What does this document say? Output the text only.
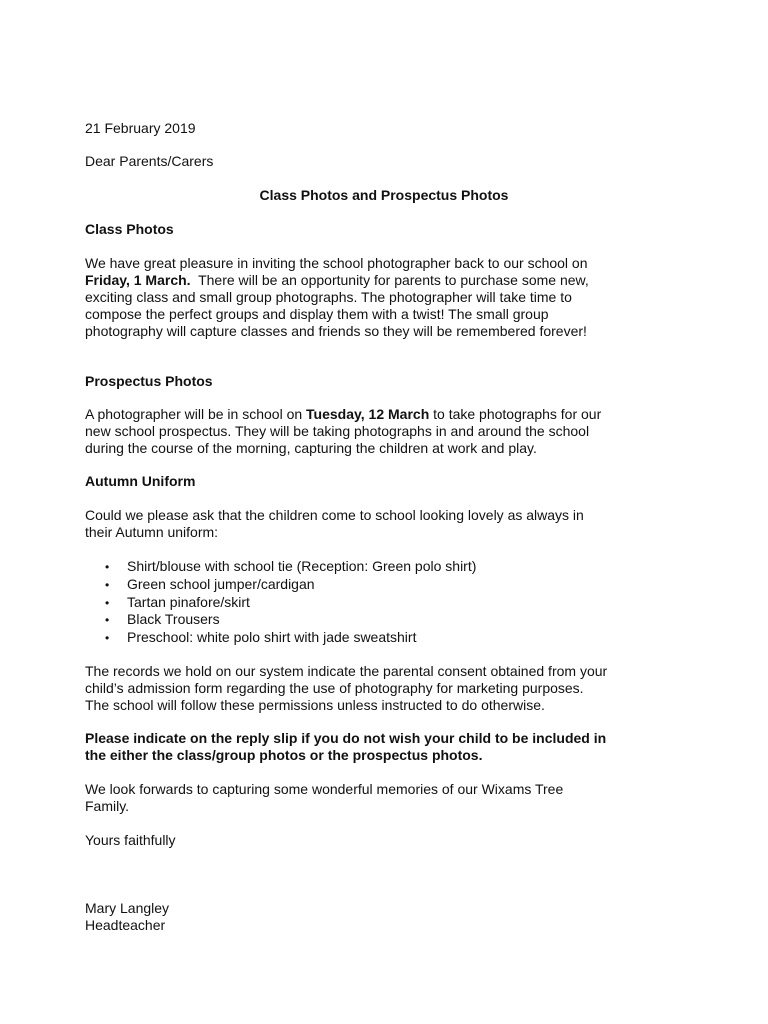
21 February 2019
Dear Parents/Carers
Class Photos and Prospectus Photos
Class Photos
We have great pleasure in inviting the school photographer back to our school on
Friday, 1 March.  There will be an opportunity for parents to purchase some new,
exciting class and small group photographs. The photographer will take time to
compose the perfect groups and display them with a twist! The small group
photography will capture classes and friends so they will be remembered forever!
Prospectus Photos
A photographer will be in school on Tuesday, 12 March to take photographs for our
new school prospectus. They will be taking photographs in and around the school
during the course of the morning, capturing the children at work and play.
Autumn Uniform
Could we please ask that the children come to school looking lovely as always in
their Autumn uniform:
• Shirt/blouse with school tie (Reception: Green polo shirt)
• Green school jumper/cardigan
• Tartan pinafore/skirt
• Black Trousers
• Preschool: white polo shirt with jade sweatshirt
The records we hold on our system indicate the parental consent obtained from your
child’s admission form regarding the use of photography for marketing purposes.
The school will follow these permissions unless instructed to do otherwise.
Please indicate on the reply slip if you do not wish your child to be included in
the either the class/group photos or the prospectus photos.
We look forwards to capturing some wonderful memories of our Wixams Tree
Family.
Yours faithfully
Mary Langley
Headteacher
